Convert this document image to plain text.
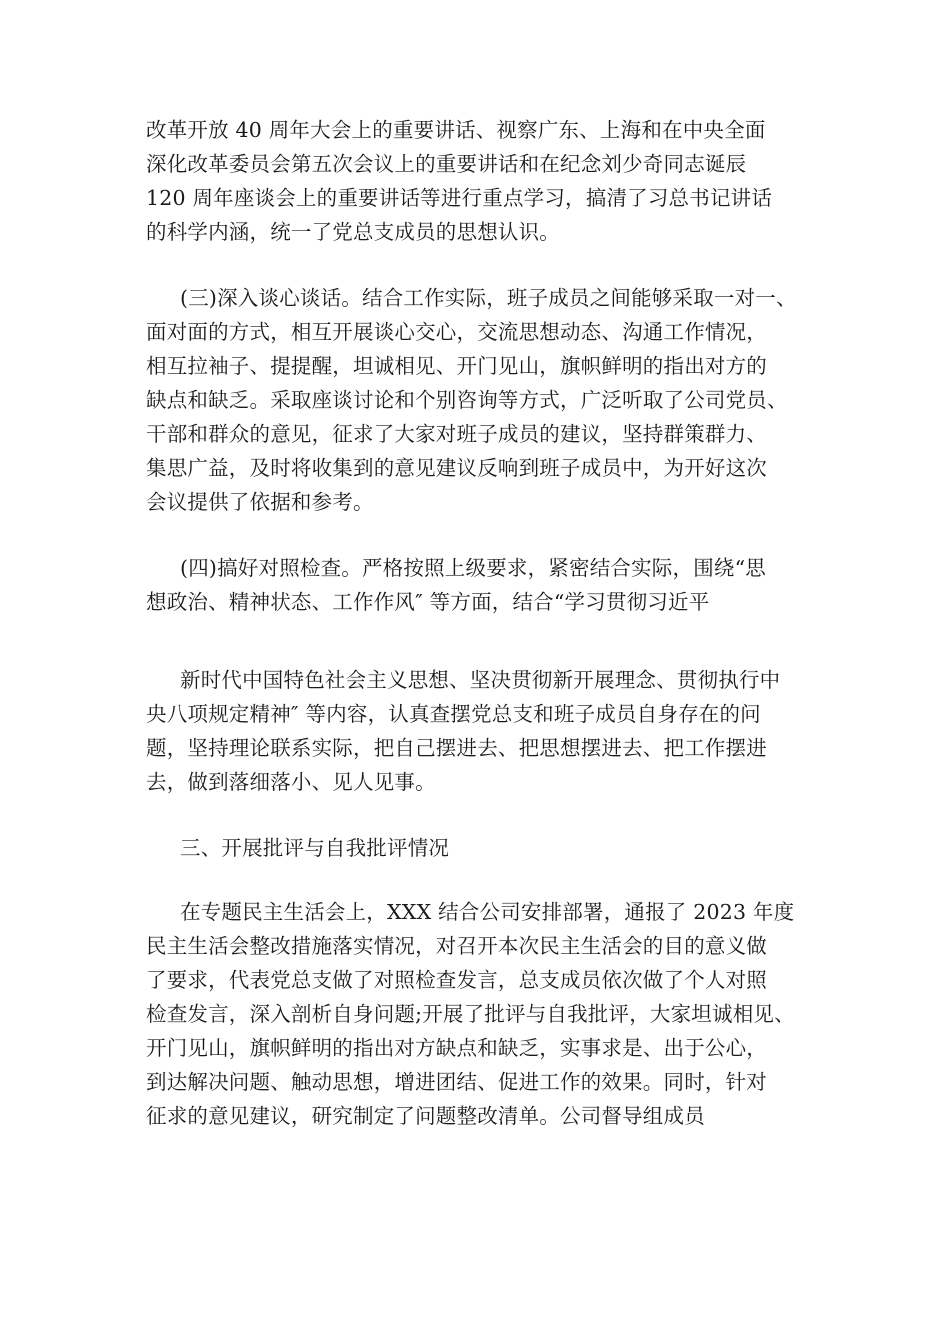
改革开放 40 周年大会上的重要讲话、视察广东、上海和在中央全面
深化改革委员会第五次会议上的重要讲话和在纪念刘少奇同志诞辰
120 周年座谈会上的重要讲话等进行重点学习，搞清了习总书记讲话
的科学内涵，统一了党总支成员的思想认识。
(三)深入谈心谈话。结合工作实际，班子成员之间能够采取一对一、
面对面的方式，相互开展谈心交心，交流思想动态、沟通工作情况，
相互拉袖子、提提醒，坦诚相见、开门见山，旗帜鲜明的指出对方的
缺点和缺乏。采取座谈讨论和个别咨询等方式，广泛听取了公司党员、
干部和群众的意见，征求了大家对班子成员的建议，坚持群策群力、
集思广益，及时将收集到的意见建议反响到班子成员中，为开好这次
会议提供了依据和参考。
(四)搞好对照检查。严格按照上级要求，紧密结合实际，围绕“思
想政治、精神状态、工作作风″ 等方面，结合“学习贯彻习近平
新时代中国特色社会主义思想、坚决贯彻新开展理念、贯彻执行中
央八项规定精神″ 等内容，认真查摆党总支和班子成员自身存在的问
题，坚持理论联系实际，把自己摆进去、把思想摆进去、把工作摆进
去，做到落细落小、见人见事。
三、开展批评与自我批评情况
在专题民主生活会上，XXX 结合公司安排部署，通报了 2023 年度
民主生活会整改措施落实情况，对召开本次民主生活会的目的意义做
了要求，代表党总支做了对照检查发言，总支成员依次做了个人对照
检查发言，深入剖析自身问题;开展了批评与自我批评，大家坦诚相见、
开门见山，旗帜鲜明的指出对方缺点和缺乏，实事求是、出于公心，
到达解决问题、触动思想，增进团结、促进工作的效果。同时，针对
征求的意见建议，研究制定了问题整改清单。公司督导组成员
